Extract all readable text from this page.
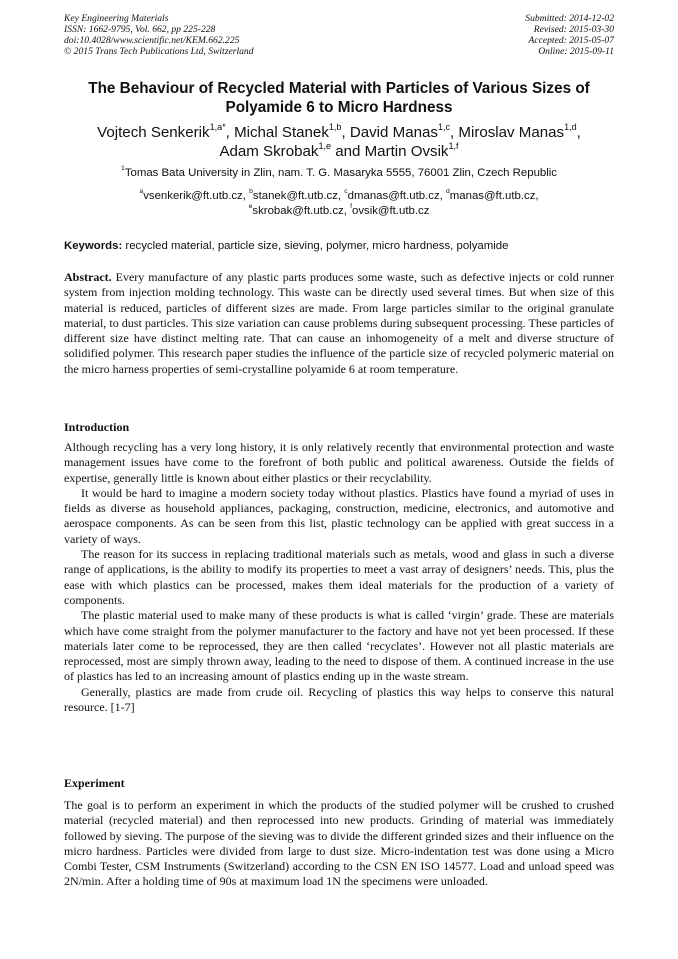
Key Engineering Materials
ISSN: 1662-9795, Vol. 662, pp 225-228
doi:10.4028/www.scientific.net/KEM.662.225
© 2015 Trans Tech Publications Ltd, Switzerland
Submitted: 2014-12-02
Revised: 2015-03-30
Accepted: 2015-05-07
Online: 2015-09-11
The Behaviour of Recycled Material with Particles of Various Sizes of
Polyamide 6 to Micro Hardness
Vojtech Senkerik$^{1,a*}$, Michal Stanek$^{1,b}$, David Manas$^{1,c}$, Miroslav Manas$^{1,d}$,
Adam Skrobak$^{1,e}$ and Martin Ovsik$^{1,f}$
$^1$Tomas Bata University in Zlin, nam. T. G. Masaryka 5555, 76001 Zlin, Czech Republic
$^a$vsenkerik@ft.utb.cz, $^b$stanek@ft.utb.cz, $^c$dmanas@ft.utb.cz, $^d$manas@ft.utb.cz,
$^e$skrobak@ft.utb.cz, $^f$ovsik@ft.utb.cz
Keywords: recycled material, particle size, sieving, polymer, micro hardness, polyamide

Abstract. Every manufacture of any plastic parts produces some waste, such as defective injects or cold runner system from injection molding technology. This waste can be directly used several times. But when size of this material is reduced, particles of different sizes are made. From large particles similar to the original granulate material, to dust particles. This size variation can cause problems during subsequent processing. These particles of different size have distinct melting rate. That can cause an inhomogeneity of a melt and diverse structure of solidified polymer. This research paper studies the influence of the particle size of recycled polymeric material on the micro harness properties of semi-crystalline polyamide 6 at room temperature.

Introduction

Although recycling has a very long history, it is only relatively recently that environmental protection and waste management issues have come to the forefront of both public and political awareness. Outside the fields of expertise, generally little is known about either plastics or their recyclability.

It would be hard to imagine a modern society today without plastics. Plastics have found a myriad of uses in fields as diverse as household appliances, packaging, construction, medicine, electronics, and automotive and aerospace components. As can be seen from this list, plastic technology can be applied with great success in a variety of ways.

The reason for its success in replacing traditional materials such as metals, wood and glass in such a diverse range of applications, is the ability to modify its properties to meet a vast array of designers’ needs. This, plus the ease with which plastics can be processed, makes them ideal materials for the production of a variety of components.

The plastic material used to make many of these products is what is called ‘virgin’ grade. These are materials which have come straight from the polymer manufacturer to the factory and have not yet been processed. If these materials later come to be reprocessed, they are then called ‘recyclates’. However not all plastic materials are reprocessed, most are simply thrown away, leading to the need to dispose of them. A continued increase in the use of plastics has led to an increasing amount of plastics ending up in the waste stream.

Generally, plastics are made from crude oil. Recycling of plastics this way helps to conserve this natural resource. [1-7]

Experiment

The goal is to perform an experiment in which the products of the studied polymer will be crushed to crushed material (recycled material) and then reprocessed into new products. Grinding of material was immediately followed by sieving. The purpose of the sieving was to divide the different grinded sizes and their influence on the micro hardness. Particles were divided from large to dust size. Micro-indentation test was done using a Micro Combi Tester, CSM Instruments (Switzerland) according to the CSN EN ISO 14577. Load and unload speed was 2N/min. After a holding time of 90s at maximum load 1N the specimens were unloaded.
